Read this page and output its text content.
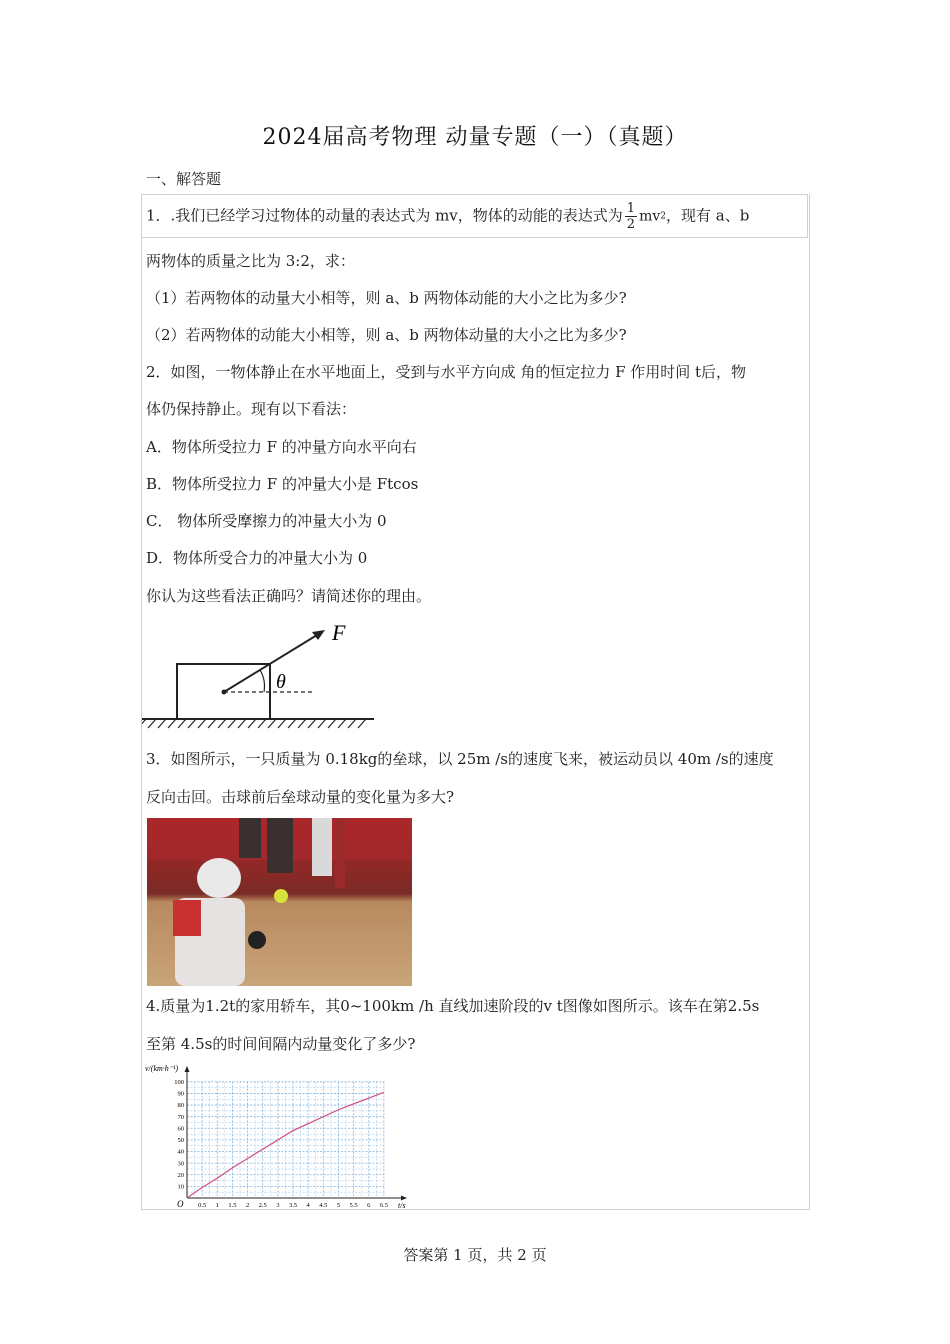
2024届高考物理 动量专题（一）（真题）
一、解答题
1．.我们已经学习过物体的动量的表达式为 mv，物体的动能的表达式为 $\frac{1}{2} mv^2$，现有 a、b
两物体的质量之比为 3:2，求：
（1）若两物体的动量大小相等，则 a、b 两物体动能的大小之比为多少?
（2）若两物体的动能大小相等，则 a、b 两物体动量的大小之比为多少?
2．如图，一物体静止在水平地面上，受到与水平方向成 角的恒定拉力 F 作用时间 t后，物
体仍保持静止。现有以下看法：
A．物体所受拉力 F 的冲量方向水平向右
B．物体所受拉力 F 的冲量大小是 Ftcos
C． 物体所受摩擦力的冲量大小为 0
D．物体所受合力的冲量大小为 0
你认为这些看法正确吗？请简述你的理由。
F
θ
3．如图所示，一只质量为 0.18kg的垒球，以 25m /s的速度飞来，被运动员以 40m /s的速度
反向击回。击球前后垒球动量的变化量为多大?
4.质量为1.2t的家用轿车，其0~100km /h 直线加速阶段的v t图像如图所示。该车在第2.5s
至第 4.5s的时间间隔内动量变化了多少?
0.5 1 1.5 2 2.5 3 3.5 4 4.5 5 5.5 6 6.5
10
20
30
40
50
60
70
80
90
100
v/(km·h⁻¹)
t/s
O
答案第 1 页，共 2 页
